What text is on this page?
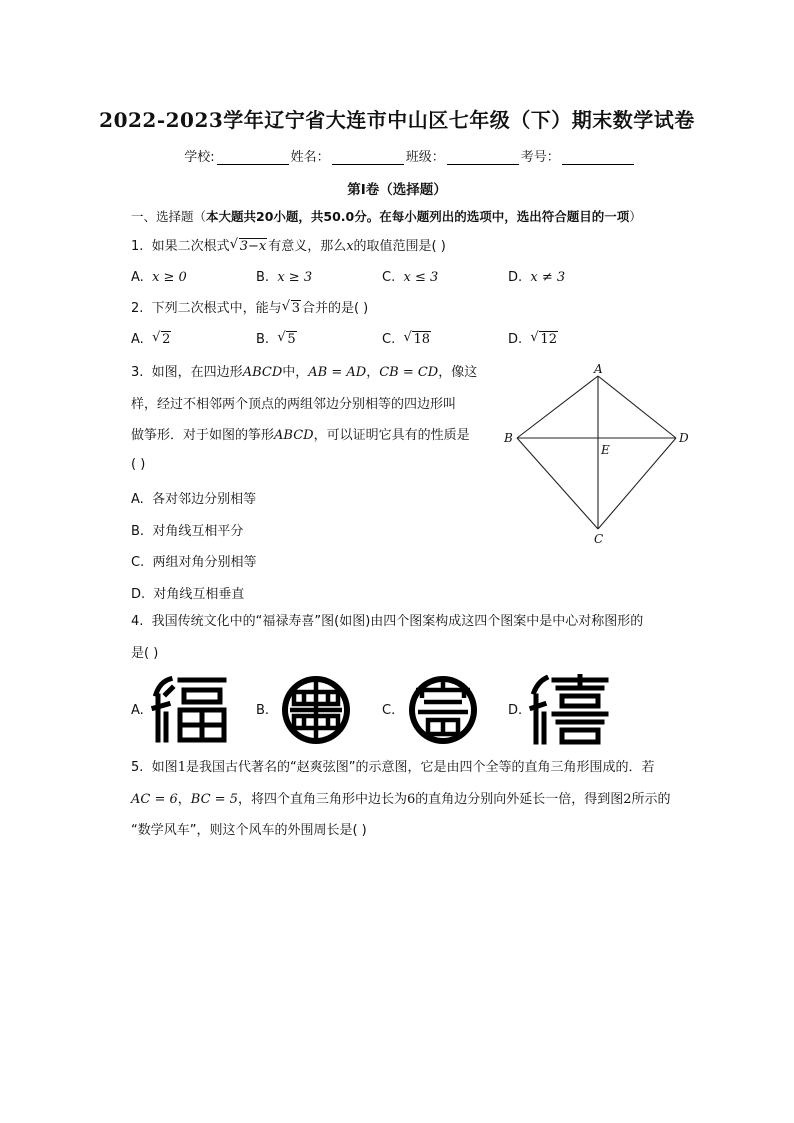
2022-2023学年辽宁省大连市中山区七年级（下）期末数学试卷
学校:	姓名：	班级：	考号：
第I卷（选择题）
一、选择题（本大题共20小题，共50.0分。在每小题列出的选项中，选出符合题目的一项）
1. 如果二次根式 √ 3−x 有意义，那么x的取值范围是( )
A. x ≥ 0	B. x ≥ 3	C. x ≤ 3	D. x ≠ 3
2. 下列二次根式中，能与 √ 3 合并的是( )
A. √ 2	B. √ 5	C. √ 18	D. √ 12
3. 如图，在四边形ABCD中，AB = AD，CB = CD，像这
样，经过不相邻两个顶点的两组邻边分别相等的四边形叫
做筝形．对于如图的筝形ABCD，可以证明它具有的性质是
( )
A. 各对邻边分别相等
B. 对角线互相平分
C. 两组对角分别相等
D. 对角线互相垂直
A
B
C
D
E
4. 我国传统文化中的“福禄寿喜”图(如图)由四个图案构成这四个图案中是中心对称图形的
是( )
A.	B.	C.	D.
5. 如图1是我国古代著名的“赵爽弦图”的示意图，它是由四个全等的直角三角形围成的．若
AC = 6，BC = 5，将四个直角三角形中边长为6的直角边分别向外延长一倍，得到图2所示的
“数学风车”，则这个风车的外围周长是( )
